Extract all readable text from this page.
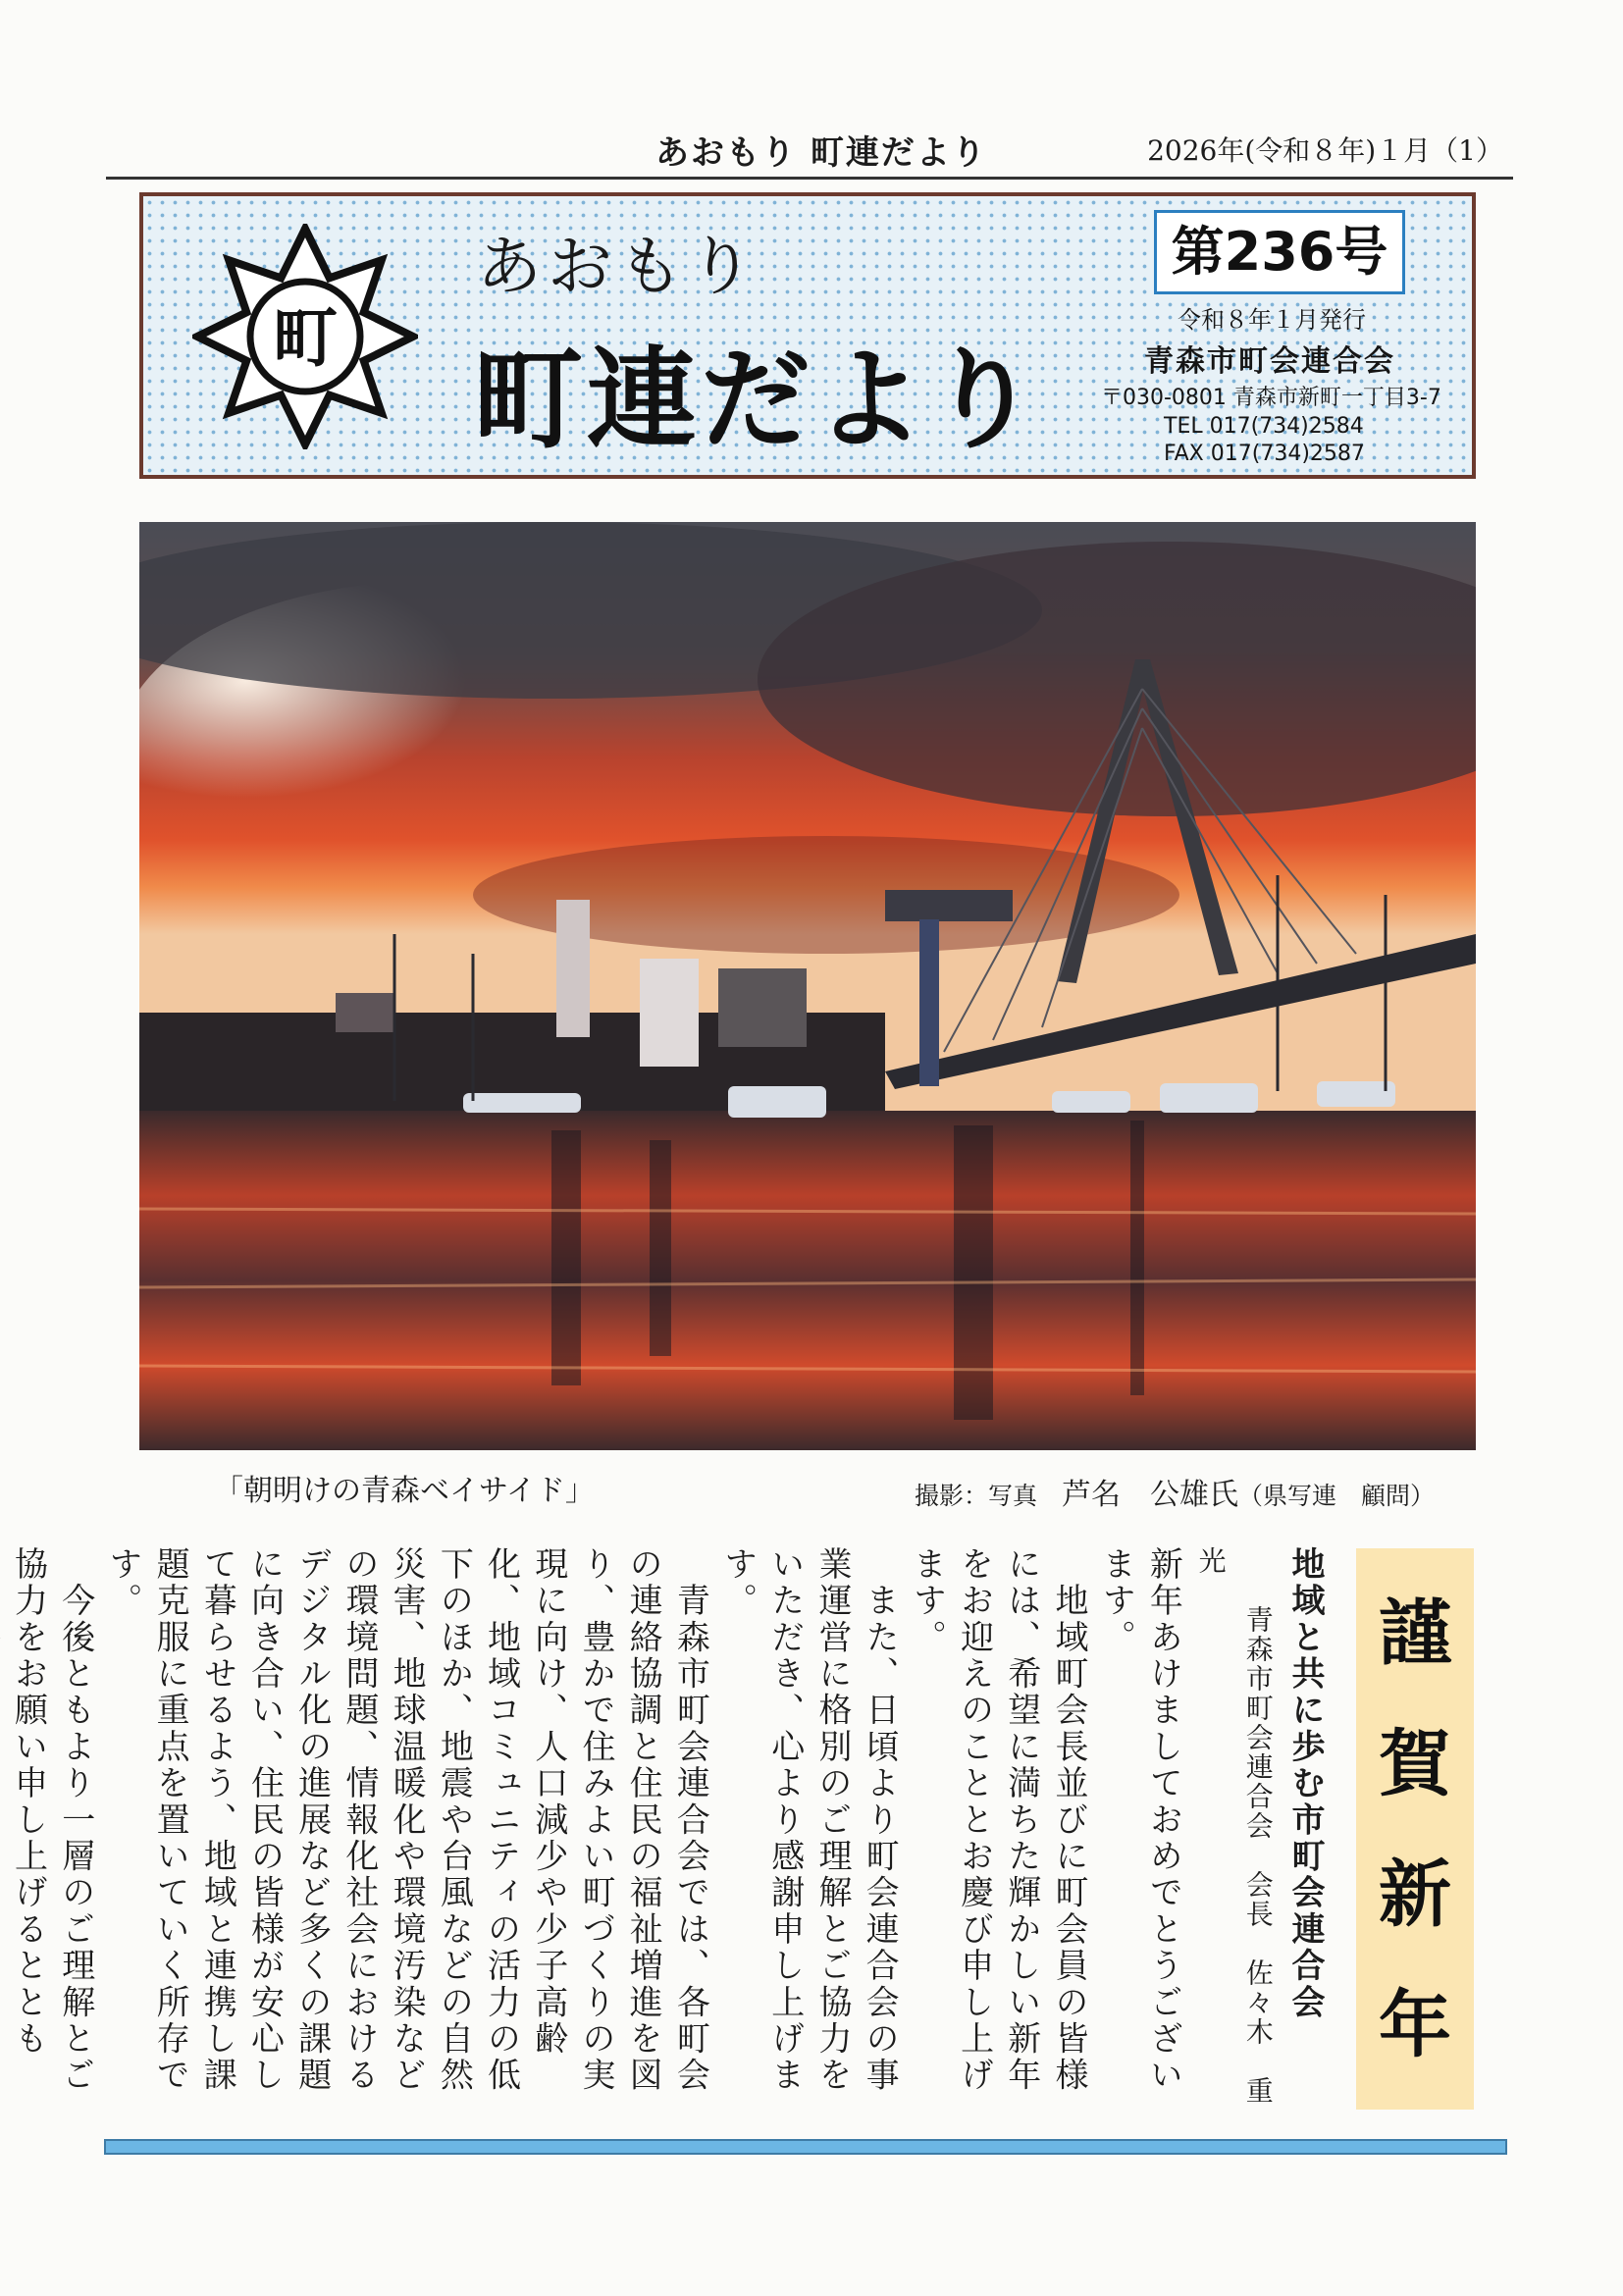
あおもり 町連だより	2026年(令和８年)１月（1）
町
あおもり
町連だより
第236号
令和８年１月発行
青森市町会連合会
〒030-0801 青森市新町一丁目3-7
TEL 017(734)2584
FAX 017(734)2587
「朝明けの青森ベイサイド」	撮影：写真　 芦名　公雄氏（県写連　顧問）
謹
賀
新
年

地域と共に歩む市町会連合会

　　青森市町会連合会　会長　佐々木　重　光

新年あけましておめでとうございます。

　地域町会長並びに町会員の皆様には、希望に満ちた輝かしい新年をお迎えのこととお慶び申し上げます。

　また、日頃より町会連合会の事業運営に格別のご理解とご協力をいただき、心より感謝申し上げます。

　青森市町会連合会では、各町会の連絡協調と住民の福祉増進を図り、豊かで住みよい町づくりの実現に向け、人口減少や少子高齢化、地域コミュニティの活力の低下のほか、地震や台風などの自然災害、地球温暖化や環境汚染などの環境問題、情報化社会におけるデジタル化の進展など多くの課題に向き合い、住民の皆様が安心して暮らせるよう、地域と連携し課題克服に重点を置いていく所存です。

　今後ともより一層のご理解とご協力をお願い申し上げるととも
